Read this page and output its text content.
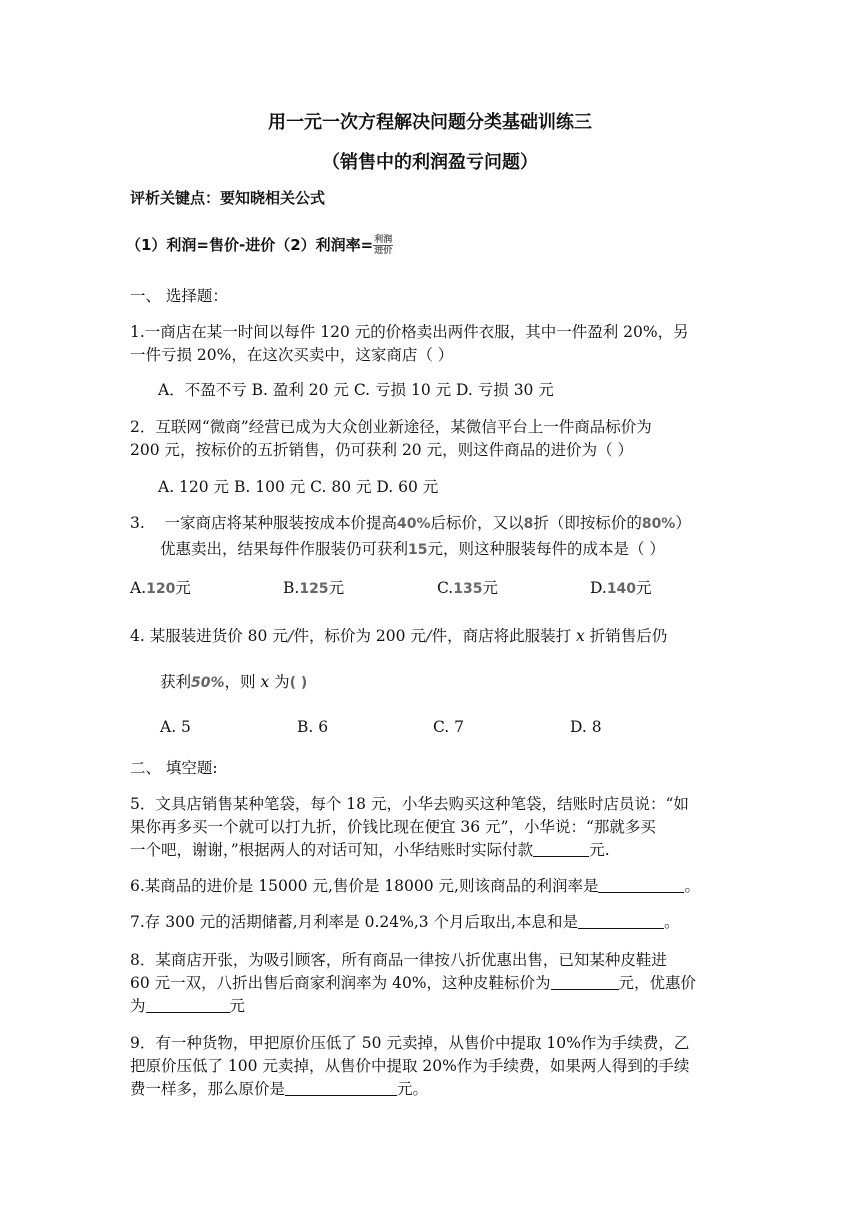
用一元一次方程解决问题分类基础训练三
（销售中的利润盈亏问题）
评析关键点：要知晓相关公式
（1）利润=售价-进价（2）利润率= $\frac{\text{利润}}{\text{进价}}$
一、 选择题：
1.一商店在某一时间以每件 120 元的价格卖出两件衣服，其中一件盈利 20%，另
一件亏损 20%，在这次买卖中，这家商店（ ）
A．不盈不亏 B. 盈利 20 元 C. 亏损 10 元 D. 亏损 30 元
2．互联网“微商”经营已成为大众创业新途径，某微信平台上一件商品标价为
200 元，按标价的五折销售，仍可获利 20 元，则这件商品的进价为（ ）
A. 120 元 B. 100 元 C. 80 元 D. 60 元
3. 一家商店将某种服装按成本价提高40%后标价，又以8折（即按标价的80%）
优惠卖出，结果每件作服装仍可获利15元，则这种服装每件的成本是（ ）
A.120元	B.125元	C.135元	D.140元
4. 某服装进货价 80 元/件，标价为 200 元/件，商店将此服装打 x 折销售后仍
获利50%，则 x 为( )
A. 5	B. 6	C. 7	D. 8
二、 填空题:
5．文具店销售某种笔袋，每个 18 元，小华去购买这种笔袋，结账时店员说：“如
果你再多买一个就可以打九折，价钱比现在便宜 36 元”，小华说：“那就多买
一个吧，谢谢，”根据两人的对话可知，小华结账时实际付款	元.
6.某商品的进价是 15000 元,售价是 18000 元,则该商品的利润率是	。
7.存 300 元的活期储蓄,月利率是 0.24%,3 个月后取出,本息和是	。
8．某商店开张，为吸引顾客，所有商品一律按八折优惠出售，已知某种皮鞋进
60 元一双，八折出售后商家利润率为 40%，这种皮鞋标价为	元，优惠价
为	元
9．有一种货物，甲把原价压低了 50 元卖掉，从售价中提取 10%作为手续费，乙
把原价压低了 100 元卖掉，从售价中提取 20%作为手续费，如果两人得到的手续
费一样多，那么原价是	元。
